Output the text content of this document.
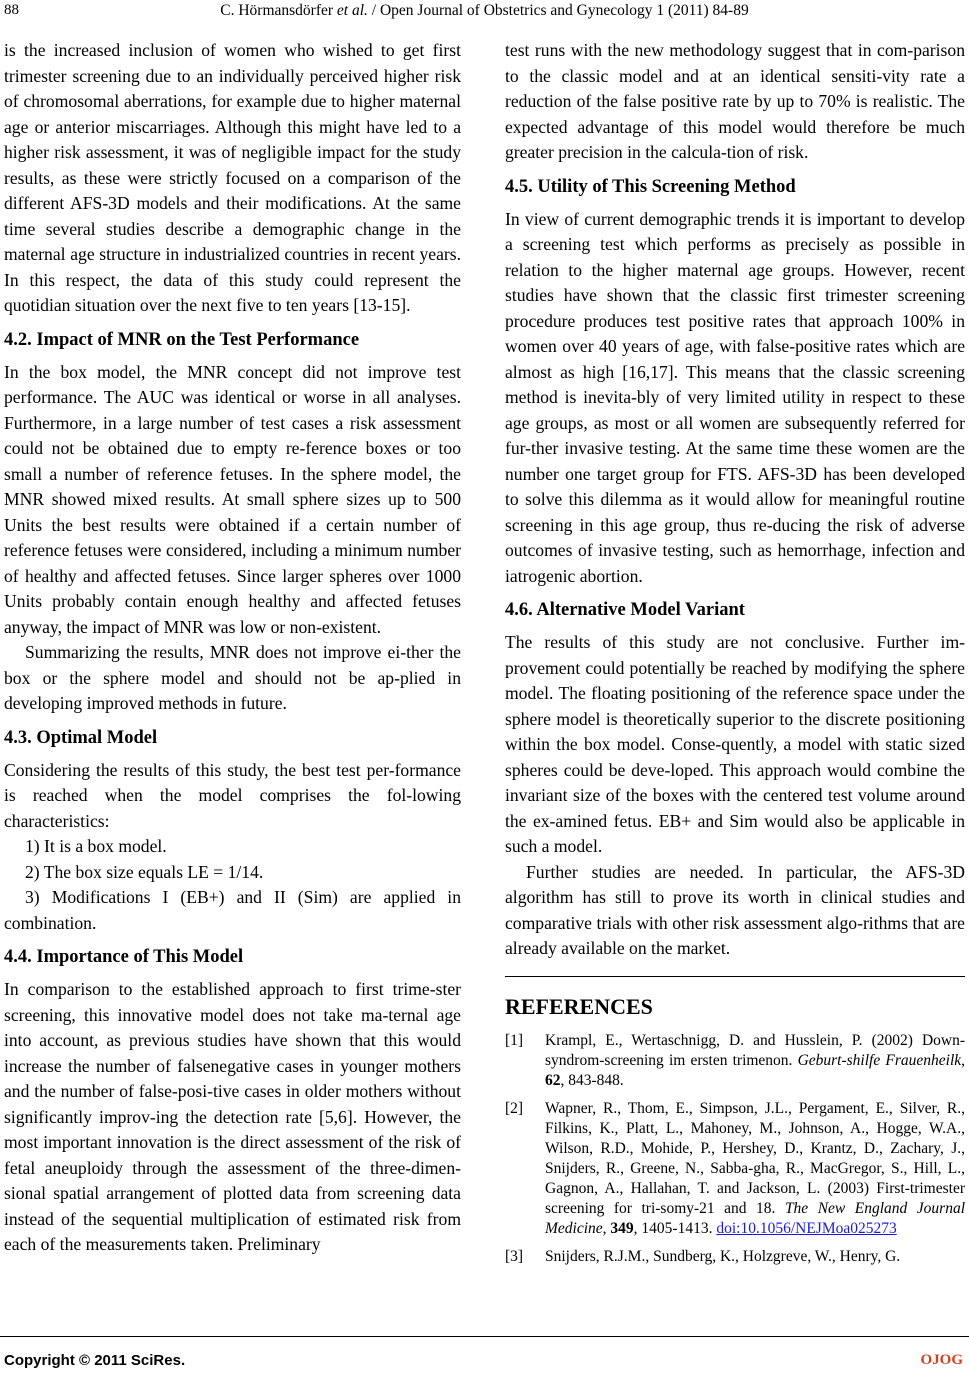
88	C. Hörmansdörfer et al. / Open Journal of Obstetrics and Gynecology 1 (2011) 84-89

is the increased inclusion of women who wished to get first trimester screening due to an individually perceived higher risk of chromosomal aberrations, for example due to higher maternal age or anterior miscarriages. Although this might have led to a higher risk assessment, it was of negligible impact for the study results, as these were strictly focused on a comparison of the different AFS-3D models and their modifications. At the same time several studies describe a demographic change in the maternal age structure in industrialized countries in recent years. In this respect, the data of this study could represent the quotidian situation over the next five to ten years [13-15].

4.2. Impact of MNR on the Test Performance

In the box model, the MNR concept did not improve test performance. The AUC was identical or worse in all analyses. Furthermore, in a large number of test cases a risk assessment could not be obtained due to empty re-ference boxes or too small a number of reference fetuses. In the sphere model, the MNR showed mixed results. At small sphere sizes up to 500 Units the best results were obtained if a certain number of reference fetuses were considered, including a minimum number of healthy and affected fetuses. Since larger spheres over 1000 Units probably contain enough healthy and affected fetuses anyway, the impact of MNR was low or non-existent.

Summarizing the results, MNR does not improve ei-ther the box or the sphere model and should not be ap-plied in developing improved methods in future.

4.3. Optimal Model

Considering the results of this study, the best test per-formance is reached when the model comprises the fol-lowing characteristics:

1) It is a box model.

2) The box size equals LE = 1/14.

3) Modifications I (EB+) and II (Sim) are applied in combination.

4.4. Importance of This Model

In comparison to the established approach to first trime-ster screening, this innovative model does not take ma-ternal age into account, as previous studies have shown that this would increase the number of falsenegative cases in younger mothers and the number of false-posi-tive cases in older mothers without significantly improv-ing the detection rate [5,6]. However, the most important innovation is the direct assessment of the risk of fetal aneuploidy through the assessment of the three-dimen-sional spatial arrangement of plotted data from screening data instead of the sequential multiplication of estimated risk from each of the measurements taken. Preliminary

test runs with the new methodology suggest that in com-parison to the classic model and at an identical sensiti-vity rate a reduction of the false positive rate by up to 70% is realistic. The expected advantage of this model would therefore be much greater precision in the calcula-tion of risk.

4.5. Utility of This Screening Method

In view of current demographic trends it is important to develop a screening test which performs as precisely as possible in relation to the higher maternal age groups. However, recent studies have shown that the classic first trimester screening procedure produces test positive rates that approach 100% in women over 40 years of age, with false-positive rates which are almost as high [16,17]. This means that the classic screening method is inevita-bly of very limited utility in respect to these age groups, as most or all women are subsequently referred for fur-ther invasive testing. At the same time these women are the number one target group for FTS. AFS-3D has been developed to solve this dilemma as it would allow for meaningful routine screening in this age group, thus re-ducing the risk of adverse outcomes of invasive testing, such as hemorrhage, infection and iatrogenic abortion.

4.6. Alternative Model Variant

The results of this study are not conclusive. Further im-provement could potentially be reached by modifying the sphere model. The floating positioning of the reference space under the sphere model is theoretically superior to the discrete positioning within the box model. Conse-quently, a model with static sized spheres could be deve-loped. This approach would combine the invariant size of the boxes with the centered test volume around the ex-amined fetus. EB+ and Sim would also be applicable in such a model.

Further studies are needed. In particular, the AFS-3D algorithm has still to prove its worth in clinical studies and comparative trials with other risk assessment algo-rithms that are already available on the market.

REFERENCES
[1] Krampl, E., Wertaschnigg, D. and Husslein, P. (2002) Down-syndrom-screening im ersten trimenon. Geburt-shilfe Frauenheilk, 62, 843-848.
[2] Wapner, R., Thom, E., Simpson, J.L., Pergament, E., Silver, R., Filkins, K., Platt, L., Mahoney, M., Johnson, A., Hogge, W.A., Wilson, R.D., Mohide, P., Hershey, D., Krantz, D., Zachary, J., Snijders, R., Greene, N., Sabba-gha, R., MacGregor, S., Hill, L., Gagnon, A., Hallahan, T. and Jackson, L. (2003) First-trimester screening for tri-somy-21 and 18. The New England Journal Medicine, 349, 1405-1413. doi:10.1056/NEJMoa025273
[3] Snijders, R.J.M., Sundberg, K., Holzgreve, W., Henry, G.
Copyright © 2011 SciRes.	OJOG
